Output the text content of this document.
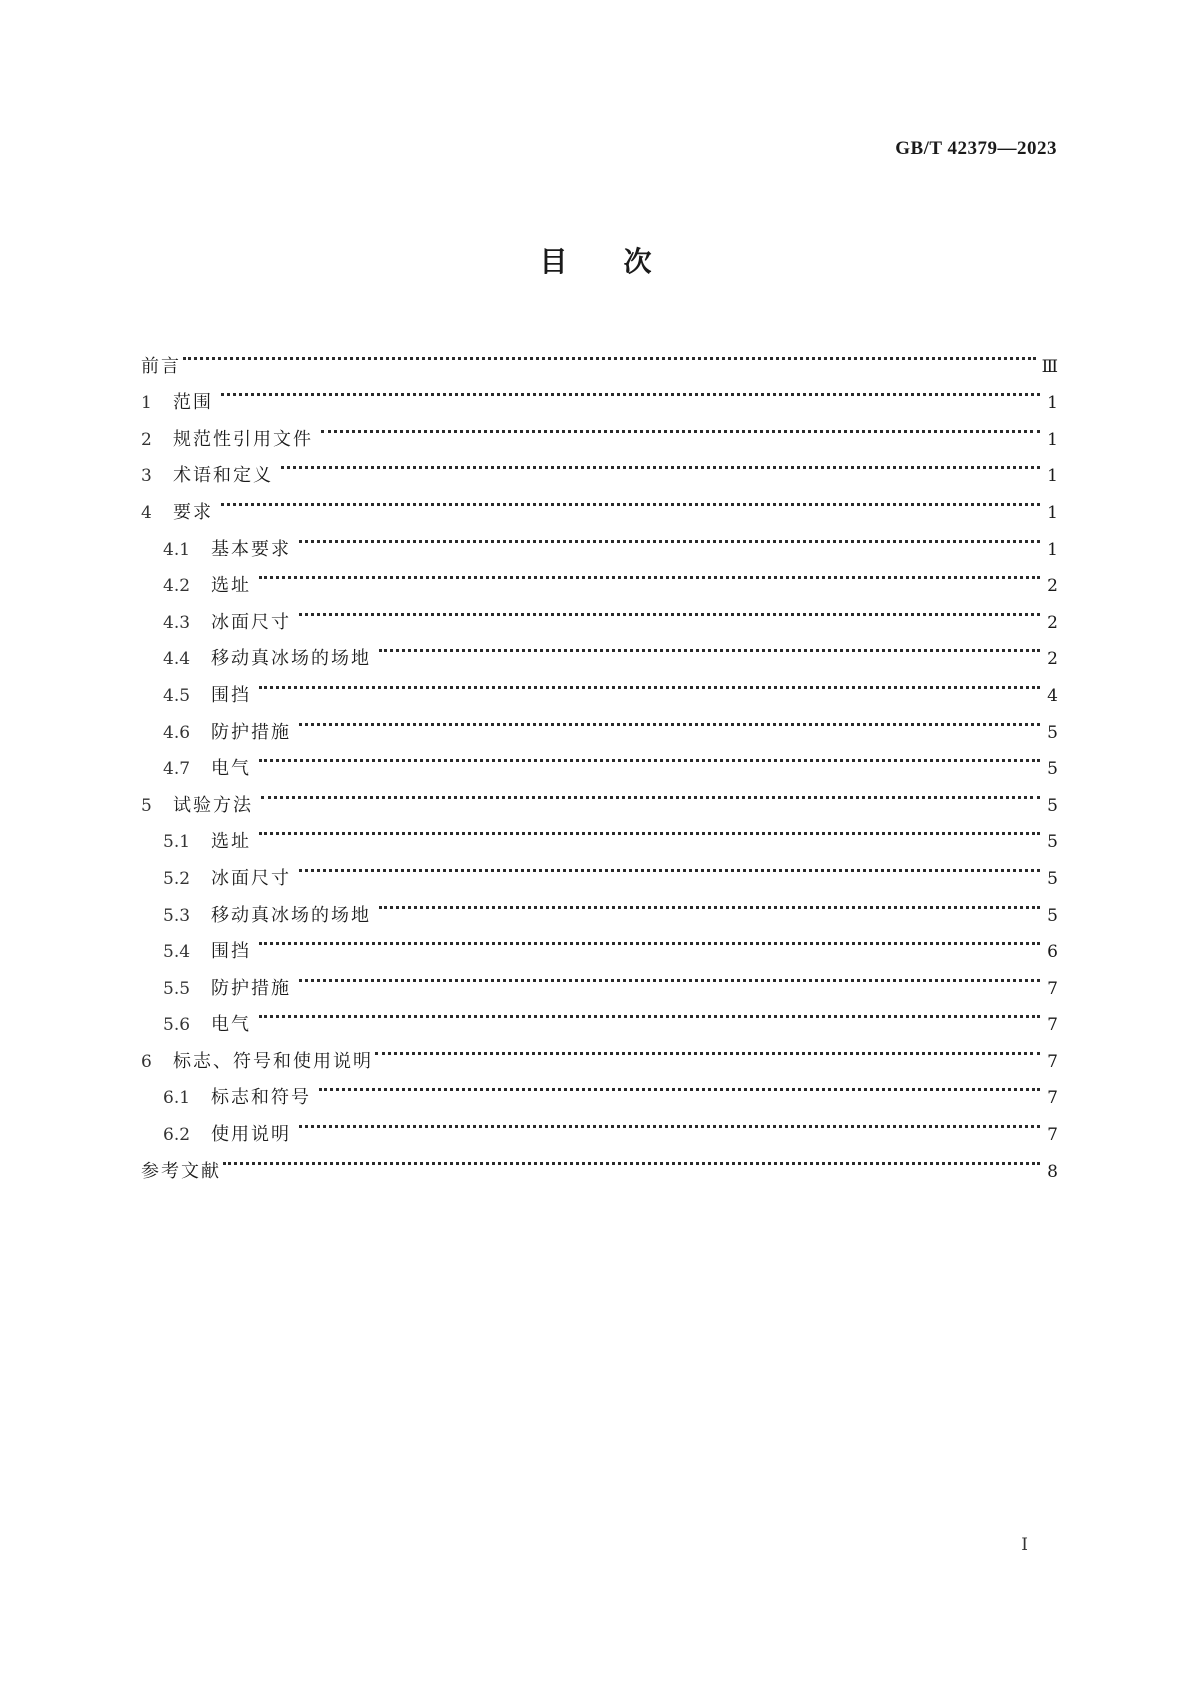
GB/T 42379—2023
目次
前言	Ⅲ
1	范围	1
2	规范性引用文件	1
3	术语和定义	1
4	要求	1
4.1	基本要求	1
4.2	选址	2
4.3	冰面尺寸	2
4.4	移动真冰场的场地	2
4.5	围挡	4
4.6	防护措施	5
4.7	电气	5
5	试验方法	5
5.1	选址	5
5.2	冰面尺寸	5
5.3	移动真冰场的场地	5
5.4	围挡	6
5.5	防护措施	7
5.6	电气	7
6	标志、符号和使用说明	7
6.1	标志和符号	7
6.2	使用说明	7
参考文献	8
Ⅰ
